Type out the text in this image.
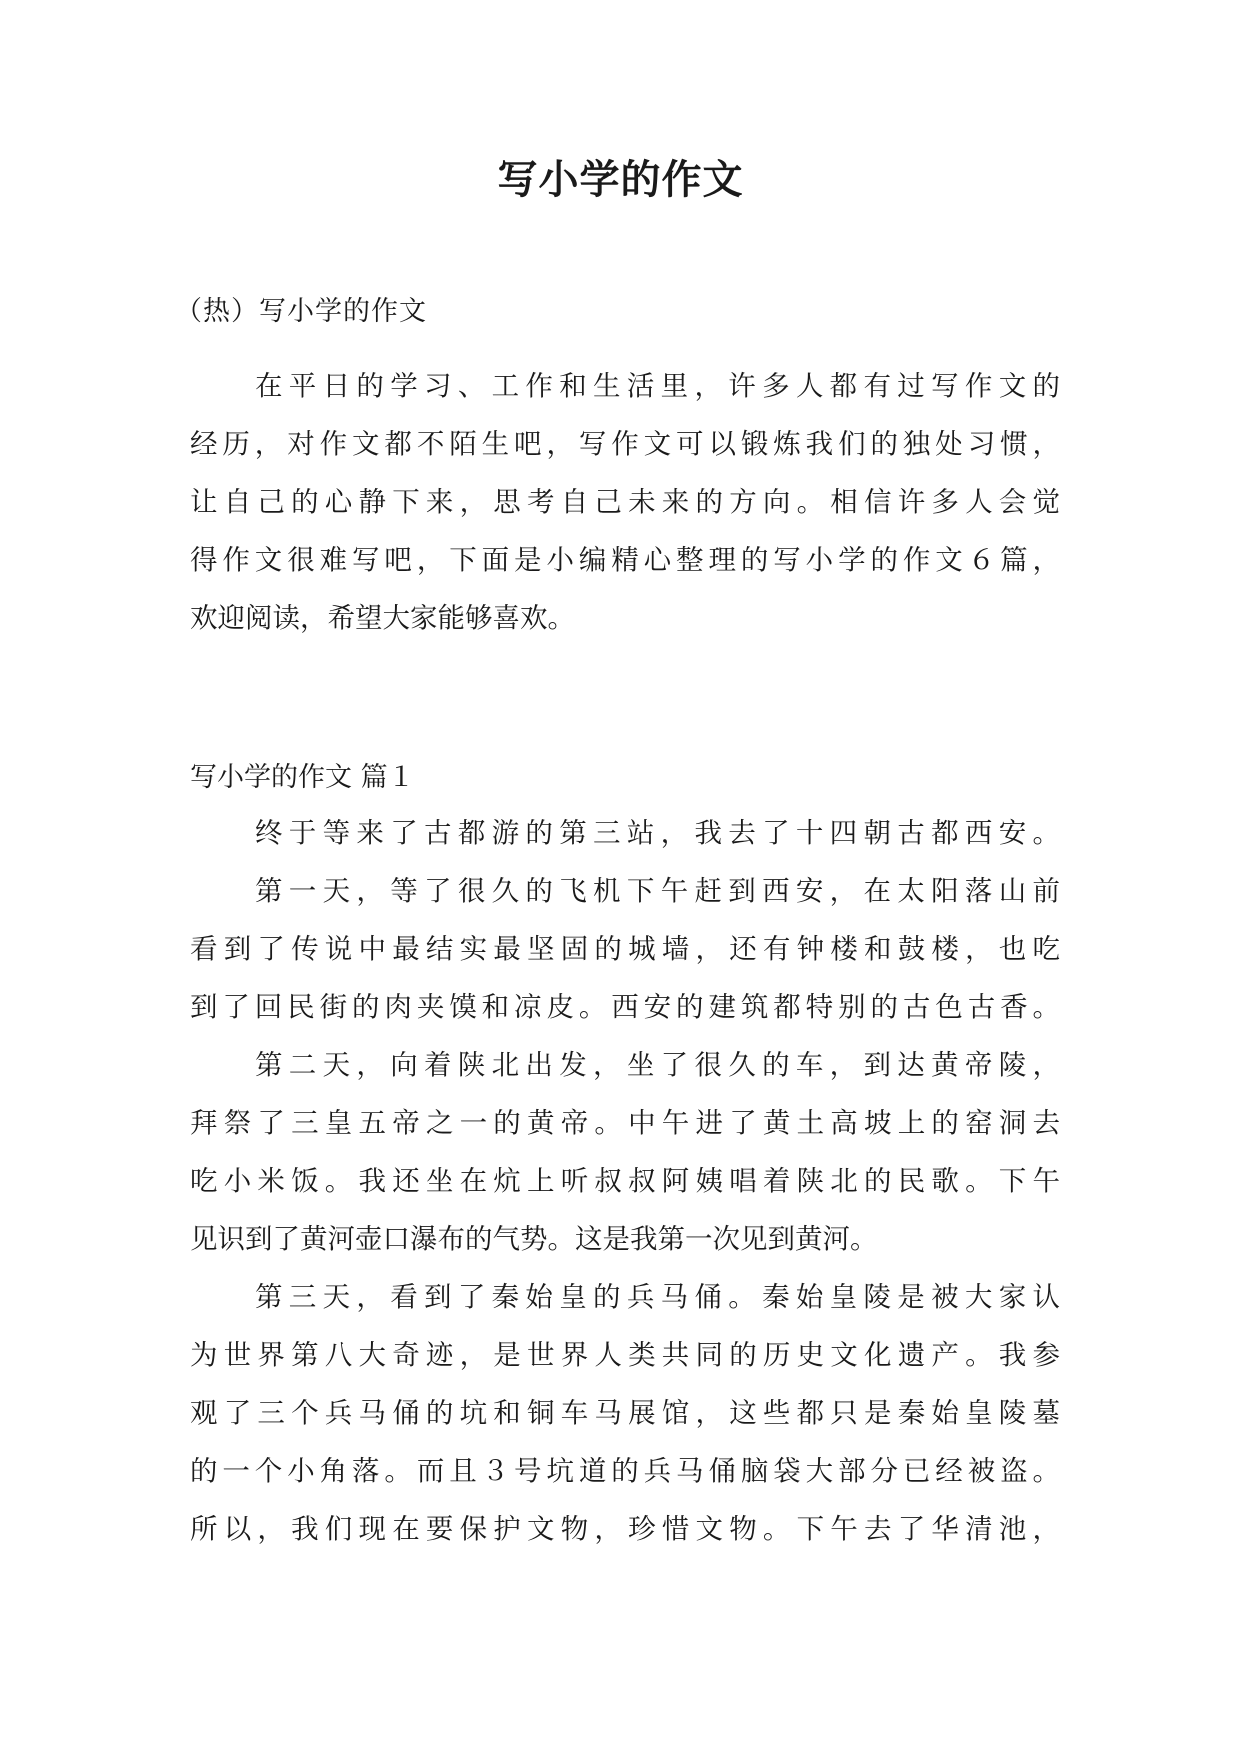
写小学的作文
（热）写小学的作文
在平日的学习、工作和生活里，许多人都有过写作文的
经历，对作文都不陌生吧，写作文可以锻炼我们的独处习惯，
让自己的心静下来，思考自己未来的方向。相信许多人会觉
得作文很难写吧，下面是小编精心整理的写小学的作文６篇，
欢迎阅读，希望大家能够喜欢。
写小学的作文 篇１
终于等来了古都游的第三站，我去了十四朝古都西安。
第一天，等了很久的飞机下午赶到西安，在太阳落山前
看到了传说中最结实最坚固的城墙，还有钟楼和鼓楼，也吃
到了回民街的肉夹馍和凉皮。西安的建筑都特别的古色古香。
第二天，向着陕北出发，坐了很久的车，到达黄帝陵，
拜祭了三皇五帝之一的黄帝。中午进了黄土高坡上的窑洞去
吃小米饭。我还坐在炕上听叔叔阿姨唱着陕北的民歌。下午
见识到了黄河壶口瀑布的气势。这是我第一次见到黄河。
第三天，看到了秦始皇的兵马俑。秦始皇陵是被大家认
为世界第八大奇迹，是世界人类共同的历史文化遗产。我参
观了三个兵马俑的坑和铜车马展馆，这些都只是秦始皇陵墓
的一个小角落。而且３号坑道的兵马俑脑袋大部分已经被盗。
所以，我们现在要保护文物，珍惜文物。下午去了华清池，
